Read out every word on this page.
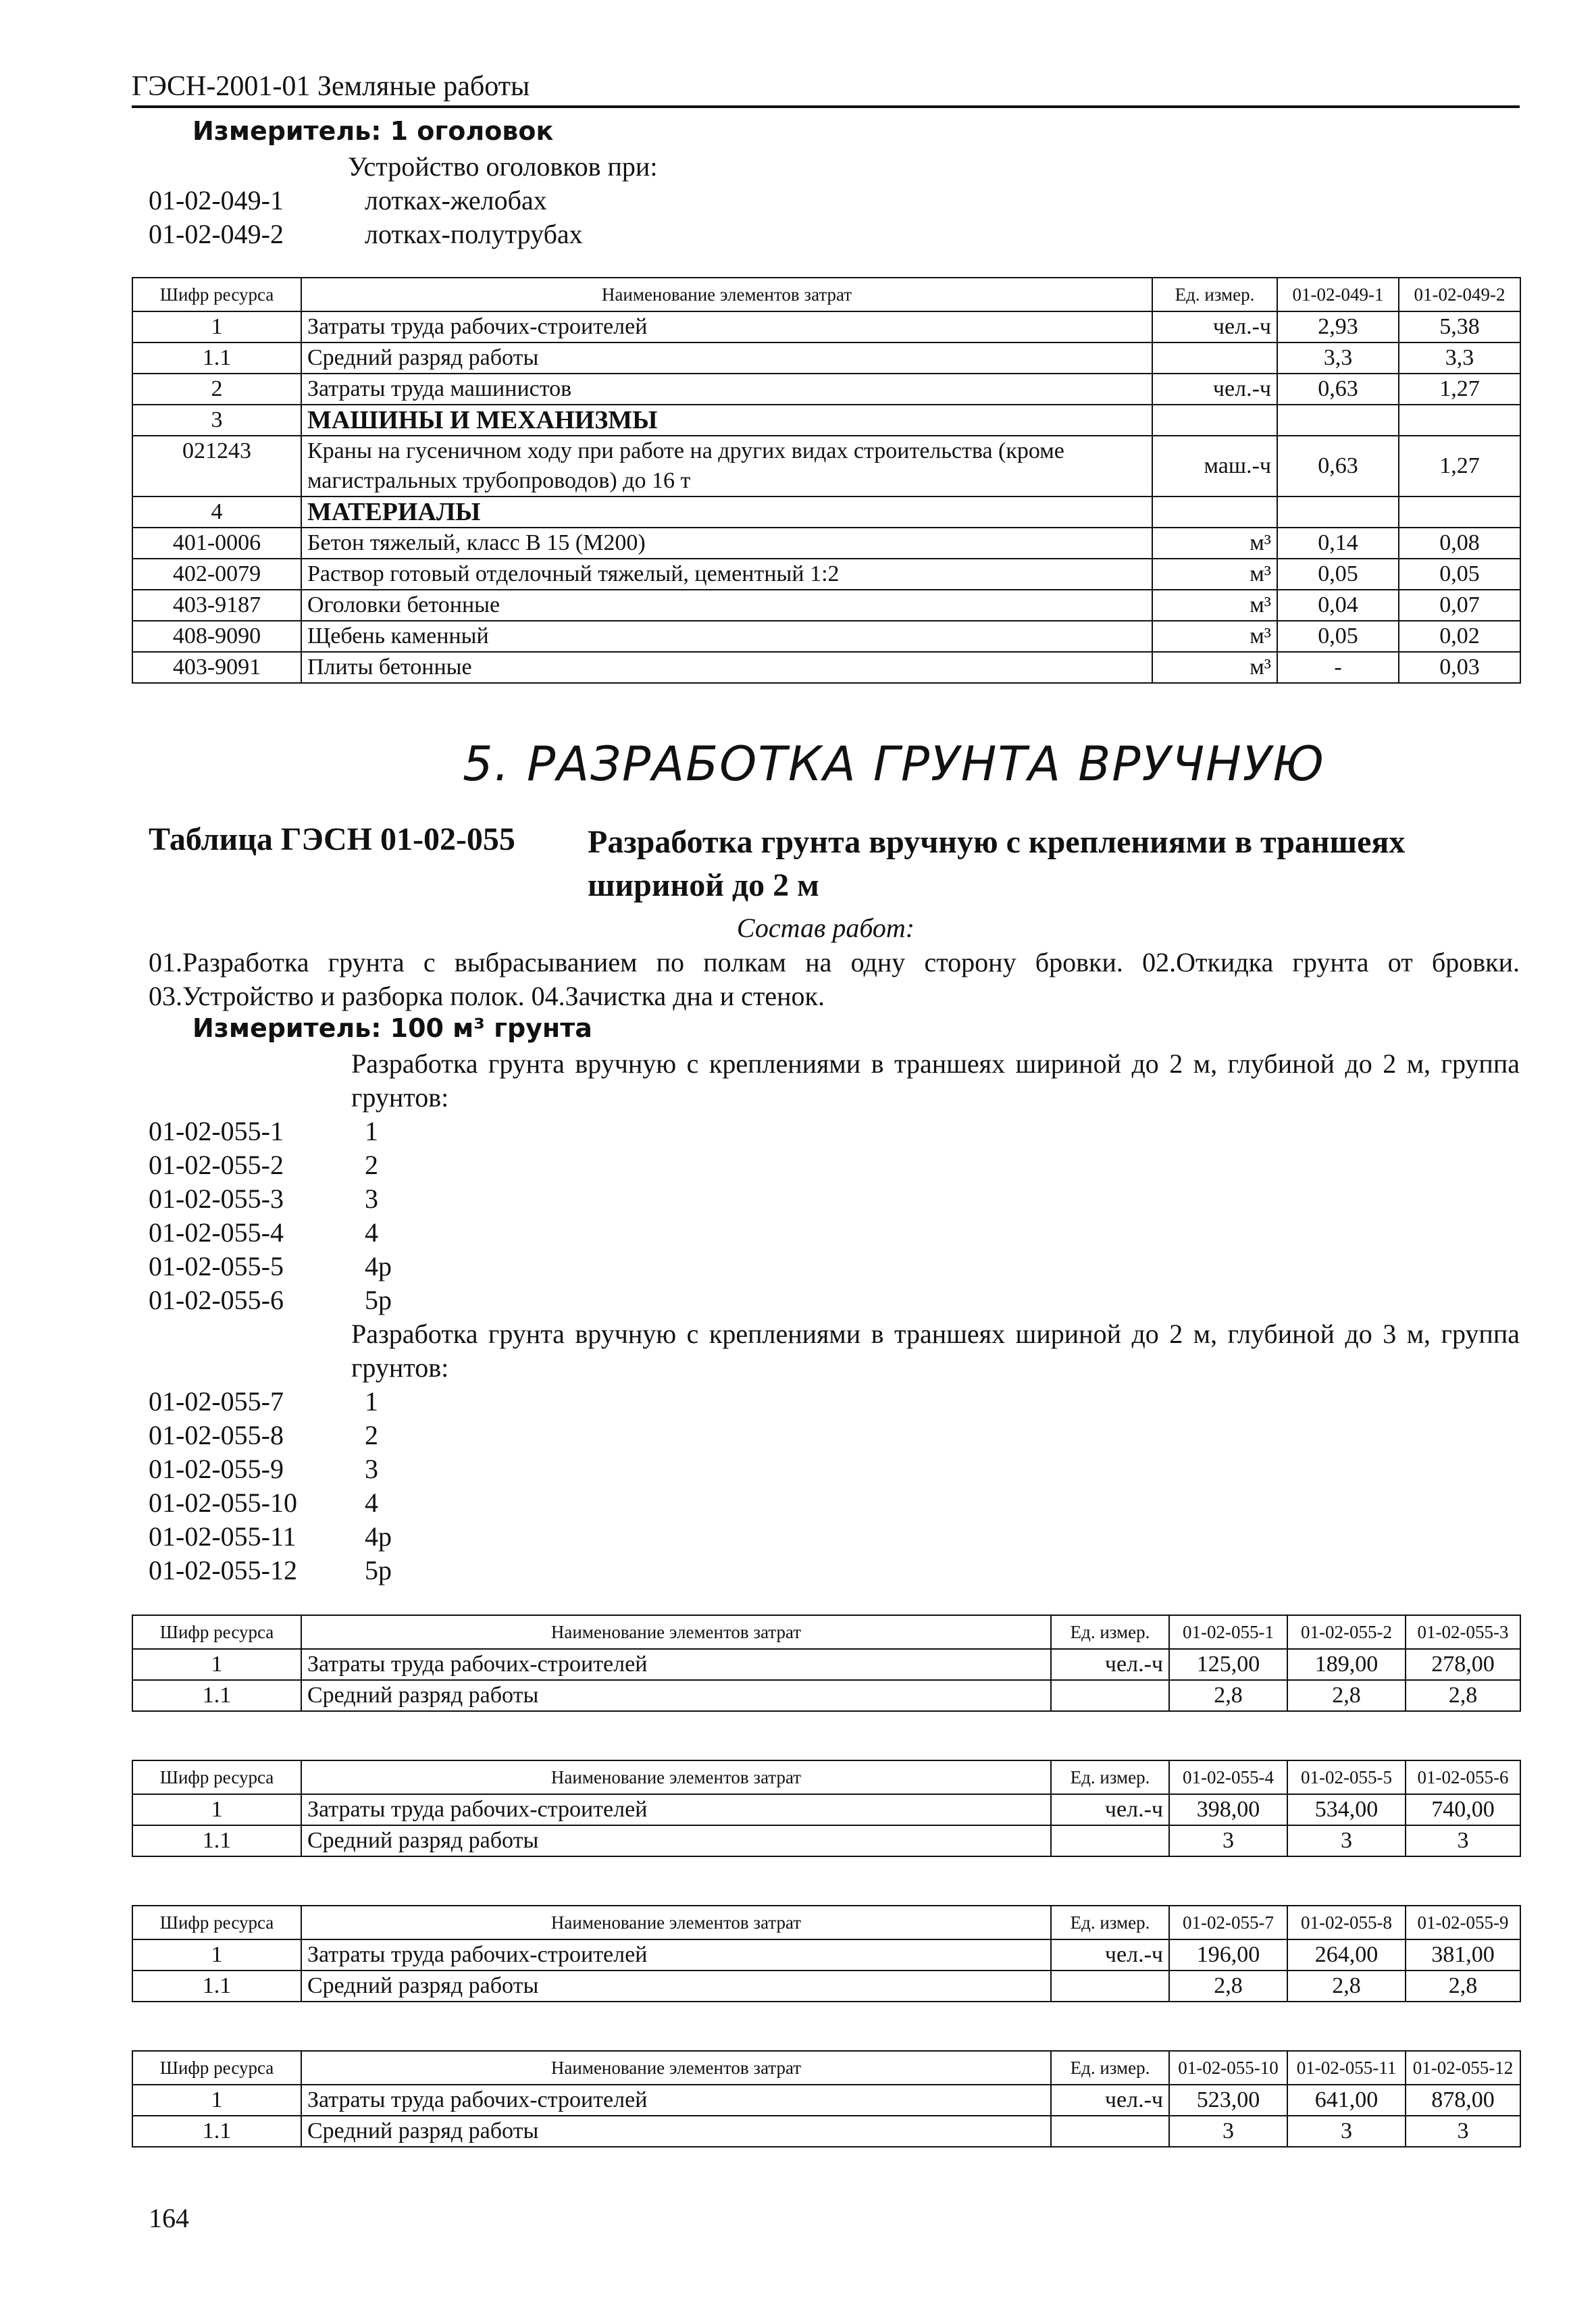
ГЭСН-2001-01 Земляные работы
Измеритель: 1 оголовок
Устройство оголовков при:
01-02-049-1	лотках-желобах
01-02-049-2	лотках-полутрубах
Шифр ресурса	Наименование элементов затрат	Ед. измер.	01-02-049-1	01-02-049-2
1	Затраты труда рабочих-строителей	чел.-ч	2,93	5,38
1.1	Средний разряд работы		3,3	3,3
2	Затраты труда машинистов	чел.-ч	0,63	1,27
3	МАШИНЫ И МЕХАНИЗМЫ			
021243	Краны на гусеничном ходу при работе на других видах строительства (кроме магистральных трубопроводов) до 16 т	маш.-ч	0,63	1,27
4	МАТЕРИАЛЫ			
401-0006	Бетон тяжелый, класс В 15 (М200)	м³	0,14	0,08
402-0079	Раствор готовый отделочный тяжелый, цементный 1:2	м³	0,05	0,05
403-9187	Оголовки бетонные	м³	0,04	0,07
408-9090	Щебень каменный	м³	0,05	0,02
403-9091	Плиты бетонные	м³	-	0,03
5. РАЗРАБОТКА ГРУНТА ВРУЧНУЮ
Таблица ГЭСН 01-02-055 Разработка грунта вручную с креплениями в траншеях шириной до 2 м
Состав работ:
01.Разработка грунта с выбрасыванием по полкам на одну сторону бровки. 02.Откидка грунта от бровки. 03.Устройство и разборка полок. 04.Зачистка дна и стенок.
Измеритель: 100 м³ грунта
Разработка грунта вручную с креплениями в траншеях шириной до 2 м, глубиной до 2 м, группа грунтов:
01-02-055-1	1
01-02-055-2	2
01-02-055-3	3
01-02-055-4	4
01-02-055-5	4р
01-02-055-6	5р
Разработка грунта вручную с креплениями в траншеях шириной до 2 м, глубиной до 3 м, группа грунтов:
01-02-055-7	1
01-02-055-8	2
01-02-055-9	3
01-02-055-10	4
01-02-055-11	4р
01-02-055-12	5р
Шифр ресурса	Наименование элементов затрат	Ед. измер.	01-02-055-1	01-02-055-2	01-02-055-3
1	Затраты труда рабочих-строителей	чел.-ч	125,00	189,00	278,00
1.1	Средний разряд работы		2,8	2,8	2,8
Шифр ресурса	Наименование элементов затрат	Ед. измер.	01-02-055-4	01-02-055-5	01-02-055-6
1	Затраты труда рабочих-строителей	чел.-ч	398,00	534,00	740,00
1.1	Средний разряд работы		3	3	3
Шифр ресурса	Наименование элементов затрат	Ед. измер.	01-02-055-7	01-02-055-8	01-02-055-9
1	Затраты труда рабочих-строителей	чел.-ч	196,00	264,00	381,00
1.1	Средний разряд работы		2,8	2,8	2,8
Шифр ресурса	Наименование элементов затрат	Ед. измер.	01-02-055-10	01-02-055-11	01-02-055-12
1	Затраты труда рабочих-строителей	чел.-ч	523,00	641,00	878,00
1.1	Средний разряд работы		3	3	3
164
